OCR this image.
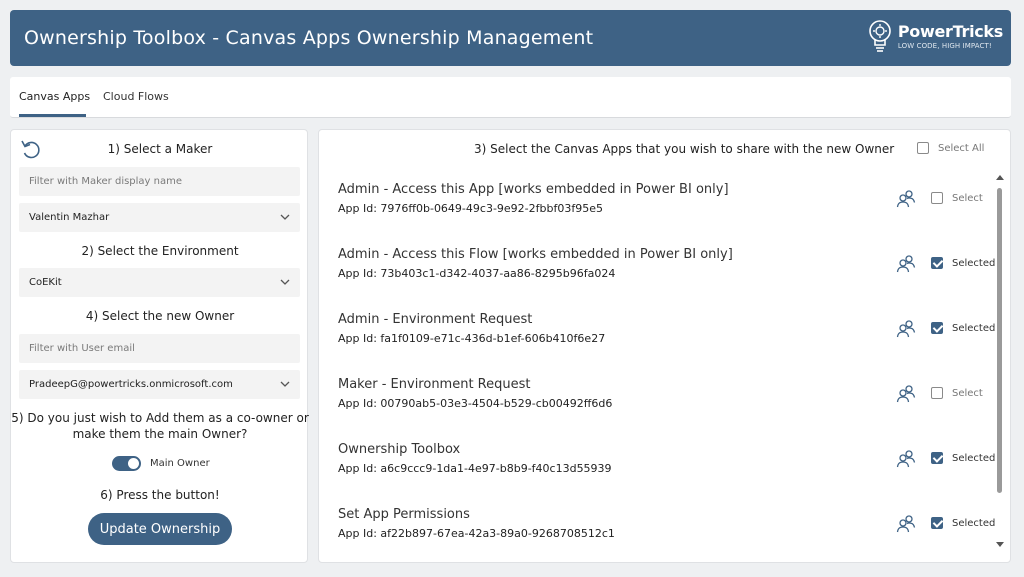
Ownership Toolbox - Canvas Apps Ownership Management	PowerTricks
LOW CODE, HIGH IMPACT!
Canvas Apps Cloud Flows
1) Select a Maker
Filter with Maker display name
Valentin Mazhar
2) Select the Environment
CoEKit
4) Select the new Owner
Filter with User email
PradeepG@powertricks.onmicrosoft.com
5) Do you just wish to Add them as a co-owner or
make them the main Owner?
Main Owner
6) Press the button!
Update Ownership
3) Select the Canvas Apps that you wish to share with the new Owner	Select All
Admin - Access this App [works embedded in Power BI only]
App Id: 7976ff0b-0649-49c3-9e92-2fbbf03f95e5
Select
Admin - Access this Flow [works embedded in Power BI only]
App Id: 73b403c1-d342-4037-aa86-8295b96fa024
Selected
Admin - Environment Request
App Id: fa1f0109-e71c-436d-b1ef-606b410f6e27
Selected
Maker - Environment Request
App Id: 00790ab5-03e3-4504-b529-cb00492ff6d6
Select
Ownership Toolbox
App Id: a6c9ccc9-1da1-4e97-b8b9-f40c13d55939
Selected
Set App Permissions
App Id: af22b897-67ea-42a3-89a0-9268708512c1
Selected
